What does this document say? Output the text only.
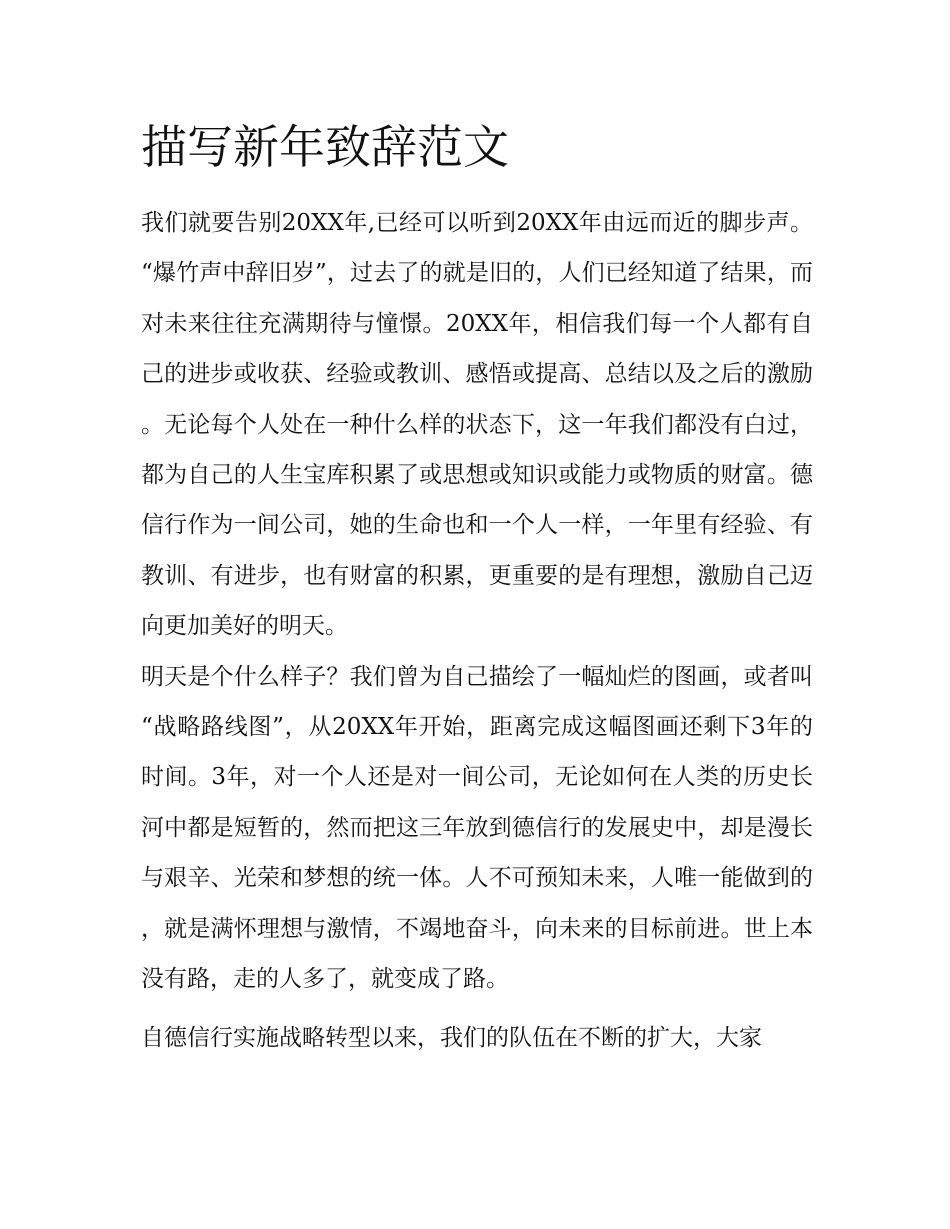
描写新年致辞范文

我们就要告别20XX年,已经可以听到20XX年由远而近的脚步声。“爆竹声中辞旧岁”，过去了的就是旧的，人们已经知道了结果，而对未来往往充满期待与憧憬。20XX年，相信我们每一个人都有自己的进步或收获、经验或教训、感悟或提高、总结以及之后的激励。无论每个人处在一种什么样的状态下，这一年我们都没有白过，都为自己的人生宝库积累了或思想或知识或能力或物质的财富。德信行作为一间公司，她的生命也和一个人一样，一年里有经验、有教训、有进步，也有财富的积累，更重要的是有理想，激励自己迈向更加美好的明天。

明天是个什么样子？我们曾为自己描绘了一幅灿烂的图画，或者叫“战略路线图”，从20XX年开始，距离完成这幅图画还剩下3年的时间。3年，对一个人还是对一间公司，无论如何在人类的历史长河中都是短暂的，然而把这三年放到德信行的发展史中，却是漫长与艰辛、光荣和梦想的统一体。人不可预知未来，人唯一能做到的，就是满怀理想与激情，不竭地奋斗，向未来的目标前进。世上本没有路，走的人多了，就变成了路。

自德信行实施战略转型以来，我们的队伍在不断的扩大，大家
